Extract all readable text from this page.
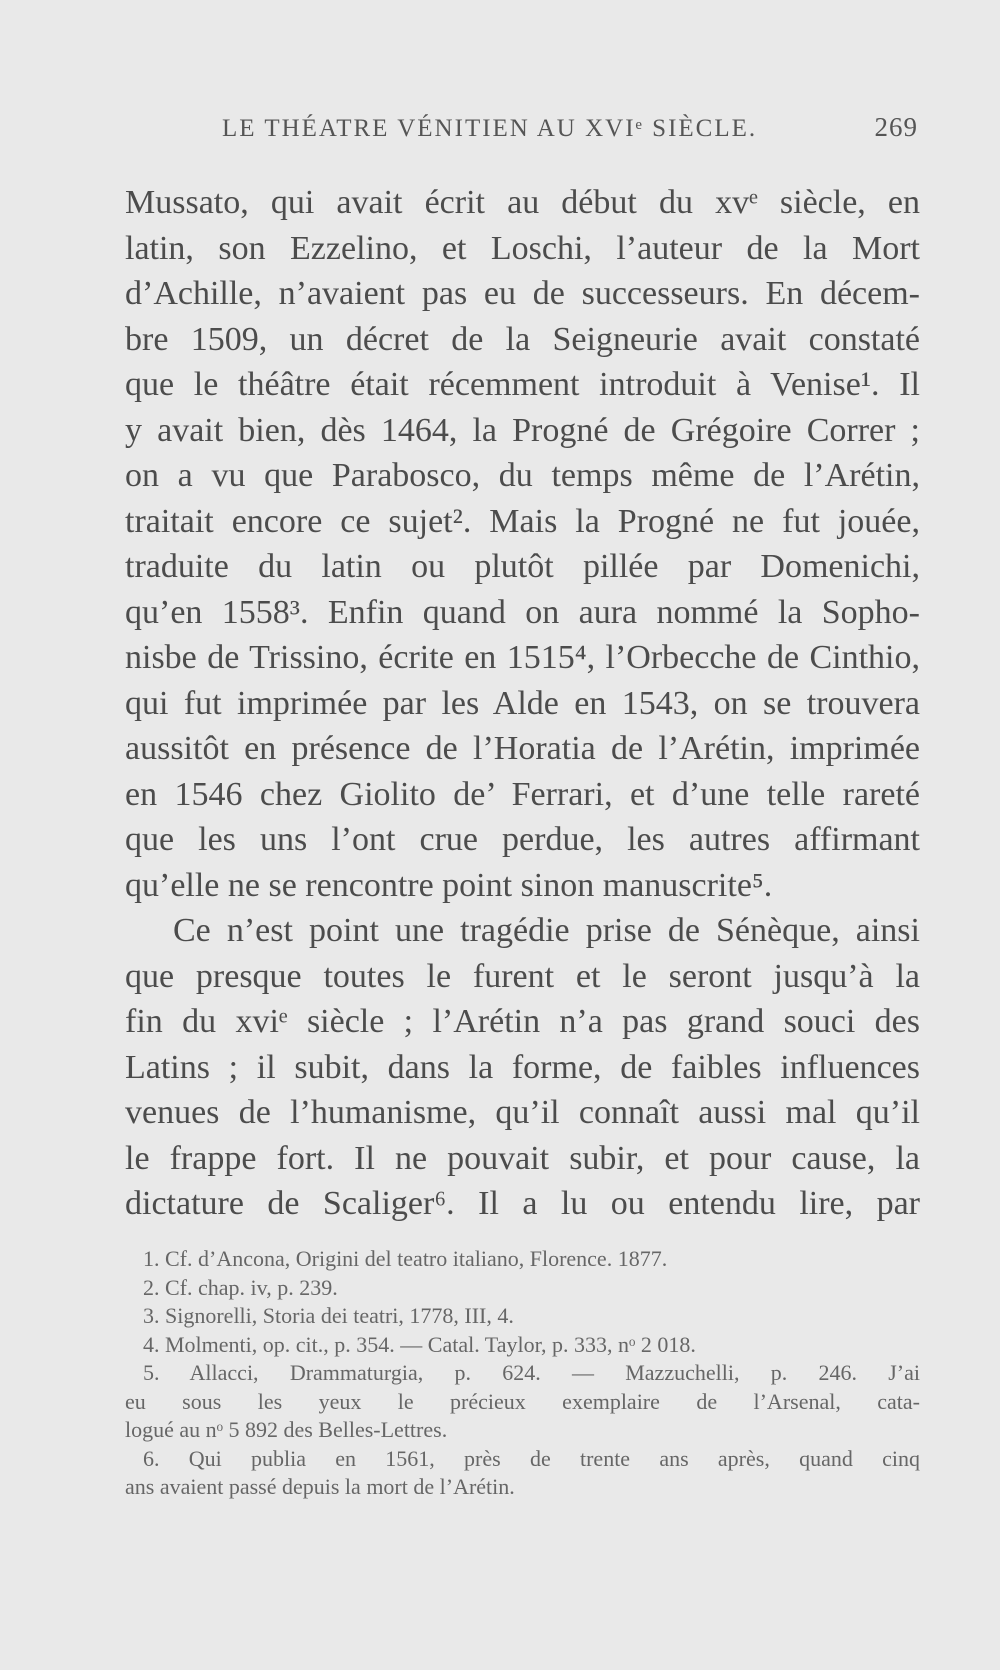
LE THÉATRE VÉNITIEN AU XVIᵉ SIÈCLE.	269
Mussato, qui avait écrit au début du xvᵉ siècle, en
latin, son Ezzelino, et Loschi, l’auteur de la Mort
d’Achille, n’avaient pas eu de successeurs. En décem-
bre 1509, un décret de la Seigneurie avait constaté
que le théâtre était récemment introduit à Venise¹. Il
y avait bien, dès 1464, la Progné de Grégoire Correr ;
on a vu que Parabosco, du temps même de l’Arétin,
traitait encore ce sujet². Mais la Progné ne fut jouée,
traduite du latin ou plutôt pillée par Domenichi,
qu’en 1558³. Enfin quand on aura nommé la Sopho-
nisbe de Trissino, écrite en 1515⁴, l’Orbecche de Cinthio,
qui fut imprimée par les Alde en 1543, on se trouvera
aussitôt en présence de l’Horatia de l’Arétin, imprimée
en 1546 chez Giolito de’ Ferrari, et d’une telle rareté
que les uns l’ont crue perdue, les autres affirmant
qu’elle ne se rencontre point sinon manuscrite⁵.
Ce n’est point une tragédie prise de Sénèque, ainsi
que presque toutes le furent et le seront jusqu’à la
fin du xviᵉ siècle ; l’Arétin n’a pas grand souci des
Latins ; il subit, dans la forme, de faibles influences
venues de l’humanisme, qu’il connaît aussi mal qu’il
le frappe fort. Il ne pouvait subir, et pour cause, la
dictature de Scaliger⁶. Il a lu ou entendu lire, par
1. Cf. d’Ancona, Origini del teatro italiano, Florence. 1877.
2. Cf. chap. iv, p. 239.
3. Signorelli, Storia dei teatri, 1778, III, 4.
4. Molmenti, op. cit., p. 354. — Catal. Taylor, p. 333, nᵒ 2 018.
5. Allacci, Drammaturgia, p. 624. — Mazzuchelli, p. 246. J’ai
eu sous les yeux le précieux exemplaire de l’Arsenal, cata-
logué au nᵒ 5 892 des Belles-Lettres.
6. Qui publia en 1561, près de trente ans après, quand cinq
ans avaient passé depuis la mort de l’Arétin.
